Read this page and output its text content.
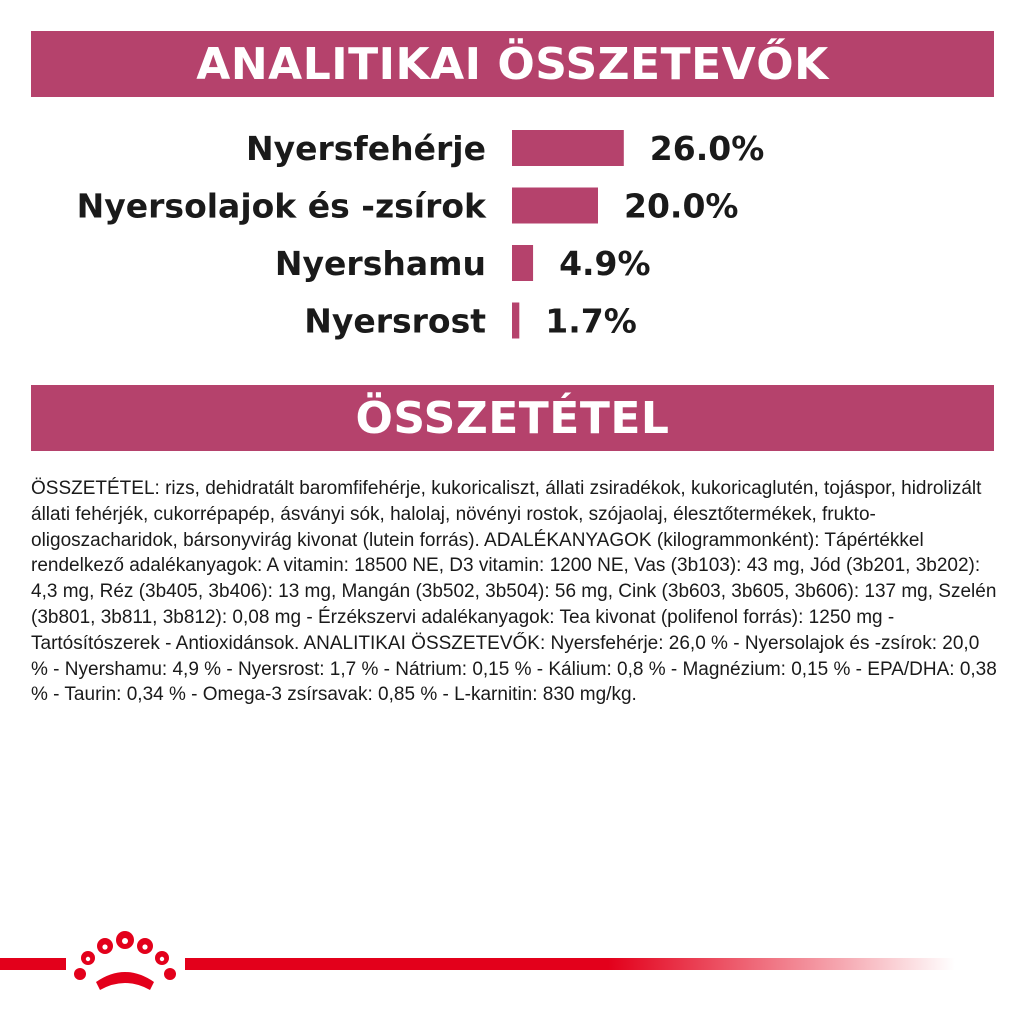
ANALITIKAI ÖSSZETEVŐK
Nyersfehérje	26.0%
Nyersolajok és -zsírok	20.0%
Nyershamu 4.9%
Nyersrost 1.7%
ÖSSZETÉTEL

ÖSSZETÉTEL: rizs, dehidratált baromfifehérje, kukoricaliszt, állati zsiradékok, kukoricaglutén, tojáspor, hidrolizált állati fehérjék, cukorrépapép, ásványi sók, halolaj, növényi rostok, szójaolaj, élesztőtermékek, frukto-oligoszacharidok, bársonyvirág kivonat (lutein forrás). ADALÉKANYAGOK (kilogrammonként): Tápértékkel rendelkező adalékanyagok: A vitamin: 18500 NE, D3 vitamin: 1200 NE, Vas (3b103): 43 mg, Jód (3b201, 3b202): 4,3 mg, Réz (3b405, 3b406): 13 mg, Mangán (3b502, 3b504): 56 mg, Cink (3b603, 3b605, 3b606): 137 mg, Szelén (3b801, 3b811, 3b812): 0,08 mg - Érzékszervi adalékanyagok: Tea kivonat (polifenol forrás): 1250 mg - Tartósítószerek - Antioxidánsok. ANALITIKAI ÖSSZETEVŐK: Nyersfehérje: 26,0 % - Nyersolajok és -zsírok: 20,0 % - Nyershamu: 4,9 % - Nyersrost: 1,7 % - Nátrium: 0,15 % - Kálium: 0,8 % - Magnézium: 0,15 % - EPA/DHA: 0,38 % - Taurin: 0,34 % - Omega-3 zsírsavak: 0,85 % - L-karnitin: 830 mg/kg.
